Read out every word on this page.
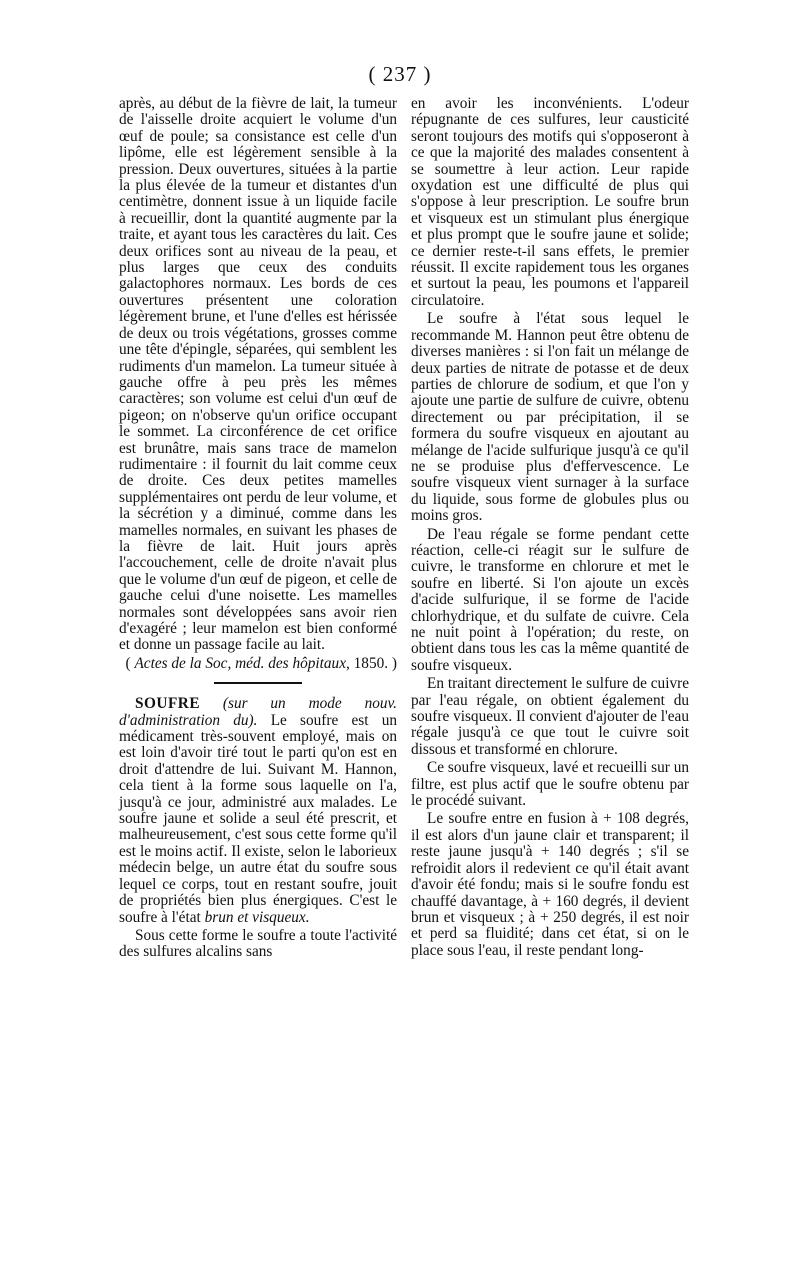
( 237 )

après, au début de la fièvre de lait, la tumeur de l'aisselle droite acquiert le volume d'un œuf de poule; sa consistance est celle d'un lipôme, elle est légèrement sensible à la pression. Deux ouvertures, situées à la partie la plus élevée de la tumeur et distantes d'un centimètre, donnent issue à un liquide facile à recueillir, dont la quantité augmente par la traite, et ayant tous les caractères du lait. Ces deux orifices sont au niveau de la peau, et plus larges que ceux des conduits galactophores normaux. Les bords de ces ouvertures présentent une coloration légèrement brune, et l'une d'elles est hérissée de deux ou trois végétations, grosses comme une tête d'épingle, séparées, qui semblent les rudiments d'un mamelon. La tumeur située à gauche offre à peu près les mêmes caractères; son volume est celui d'un œuf de pigeon; on n'observe qu'un orifice occupant le sommet. La circonférence de cet orifice est brunâtre, mais sans trace de mamelon rudimentaire : il fournit du lait comme ceux de droite. Ces deux petites mamelles supplémentaires ont perdu de leur volume, et la sécrétion y a diminué, comme dans les mamelles normales, en suivant les phases de la fièvre de lait. Huit jours après l'accouchement, celle de droite n'avait plus que le volume d'un œuf de pigeon, et celle de gauche celui d'une noisette. Les mamelles normales sont développées sans avoir rien d'exagéré ; leur mamelon est bien conformé et donne un passage facile au lait.

( Actes de la Soc, méd. des hôpitaux, 1850. )

SOUFRE (sur un mode nouv. d'administration du). Le soufre est un médicament très-souvent employé, mais on est loin d'avoir tiré tout le parti qu'on est en droit d'attendre de lui. Suivant M. Hannon, cela tient à la forme sous laquelle on l'a, jusqu'à ce jour, administré aux malades. Le soufre jaune et solide a seul été prescrit, et malheureusement, c'est sous cette forme qu'il est le moins actif. Il existe, selon le laborieux médecin belge, un autre état du soufre sous lequel ce corps, tout en restant soufre, jouit de propriétés bien plus énergiques. C'est le soufre à l'état brun et visqueux.

Sous cette forme le soufre a toute l'activité des sulfures alcalins sans

en avoir les inconvénients. L'odeur répugnante de ces sulfures, leur causticité seront toujours des motifs qui s'opposeront à ce que la majorité des malades consentent à se soumettre à leur action. Leur rapide oxydation est une difficulté de plus qui s'oppose à leur prescription. Le soufre brun et visqueux est un stimulant plus énergique et plus prompt que le soufre jaune et solide; ce dernier reste-t-il sans effets, le premier réussit. Il excite rapidement tous les organes et surtout la peau, les poumons et l'appareil circulatoire.

Le soufre à l'état sous lequel le recommande M. Hannon peut être obtenu de diverses manières : si l'on fait un mélange de deux parties de nitrate de potasse et de deux parties de chlorure de sodium, et que l'on y ajoute une partie de sulfure de cuivre, obtenu directement ou par précipitation, il se formera du soufre visqueux en ajoutant au mélange de l'acide sulfurique jusqu'à ce qu'il ne se produise plus d'effervescence. Le soufre visqueux vient surnager à la surface du liquide, sous forme de globules plus ou moins gros.

De l'eau régale se forme pendant cette réaction, celle-ci réagit sur le sulfure de cuivre, le transforme en chlorure et met le soufre en liberté. Si l'on ajoute un excès d'acide sulfurique, il se forme de l'acide chlorhydrique, et du sulfate de cuivre. Cela ne nuit point à l'opération; du reste, on obtient dans tous les cas la même quantité de soufre visqueux.

En traitant directement le sulfure de cuivre par l'eau régale, on obtient également du soufre visqueux. Il convient d'ajouter de l'eau régale jusqu'à ce que tout le cuivre soit dissous et transformé en chlorure.

Ce soufre visqueux, lavé et recueilli sur un filtre, est plus actif que le soufre obtenu par le procédé suivant.

Le soufre entre en fusion à + 108 degrés, il est alors d'un jaune clair et transparent; il reste jaune jusqu'à + 140 degrés ; s'il se refroidit alors il redevient ce qu'il était avant d'avoir été fondu; mais si le soufre fondu est chauffé davantage, à + 160 degrés, il devient brun et visqueux ; à + 250 degrés, il est noir et perd sa fluidité; dans cet état, si on le place sous l'eau, il reste pendant long-
